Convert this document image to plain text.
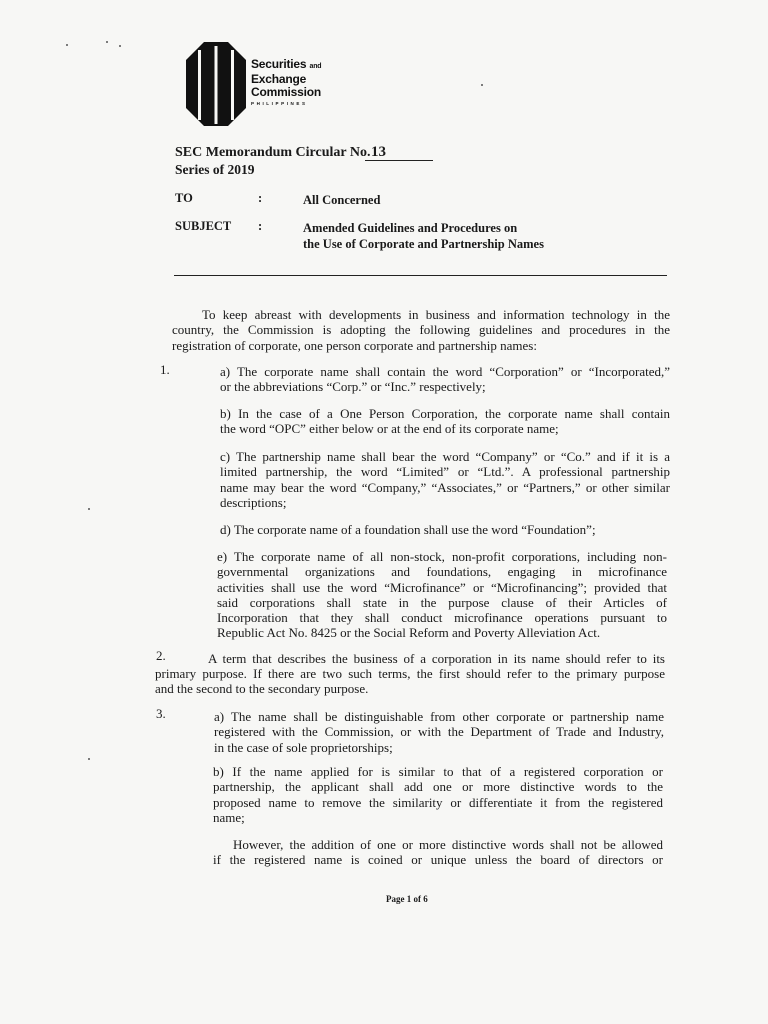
Securities and
Exchange
Commission
PHILIPPINES
SEC Memorandum Circular No. 13
Series of 2019
TO	:	All Concerned
SUBJECT :	Amended Guidelines and Procedures on
the Use of Corporate and Partnership Names
To keep abreast with developments in business and information technology in the
country, the Commission is adopting the following guidelines and procedures in the
registration of corporate, one person corporate and partnership names:
1.	a) The corporate name shall contain the word “Corporation” or “Incorporated,”
or the abbreviations “Corp.” or “Inc.” respectively;
b) In the case of a One Person Corporation, the corporate name shall contain
the word “OPC” either below or at the end of its corporate name;
c) The partnership name shall bear the word “Company” or “Co.” and if it is a
limited partnership, the word “Limited” or “Ltd.”. A professional partnership
name may bear the word “Company,” “Associates,” or “Partners,” or other similar
descriptions;
d) The corporate name of a foundation shall use the word “Foundation”;
e) The corporate name of all non-stock, non-profit corporations, including non-
governmental organizations and foundations, engaging in microfinance
activities shall use the word “Microfinance” or “Microfinancing”; provided that
said corporations shall state in the purpose clause of their Articles of
Incorporation that they shall conduct microfinance operations pursuant to
Republic Act No. 8425 or the Social Reform and Poverty Alleviation Act.
2.	A term that describes the business of a corporation in its name should refer to its
primary purpose. If there are two such terms, the first should refer to the primary purpose
and the second to the secondary purpose.
3.	a) The name shall be distinguishable from other corporate or partnership name
registered with the Commission, or with the Department of Trade and Industry,
in the case of sole proprietorships;
b) If the name applied for is similar to that of a registered corporation or
partnership, the applicant shall add one or more distinctive words to the
proposed name to remove the similarity or differentiate it from the registered
name;
However, the addition of one or more distinctive words shall not be allowed
if the registered name is coined or unique unless the board of directors or
Page 1 of 6
